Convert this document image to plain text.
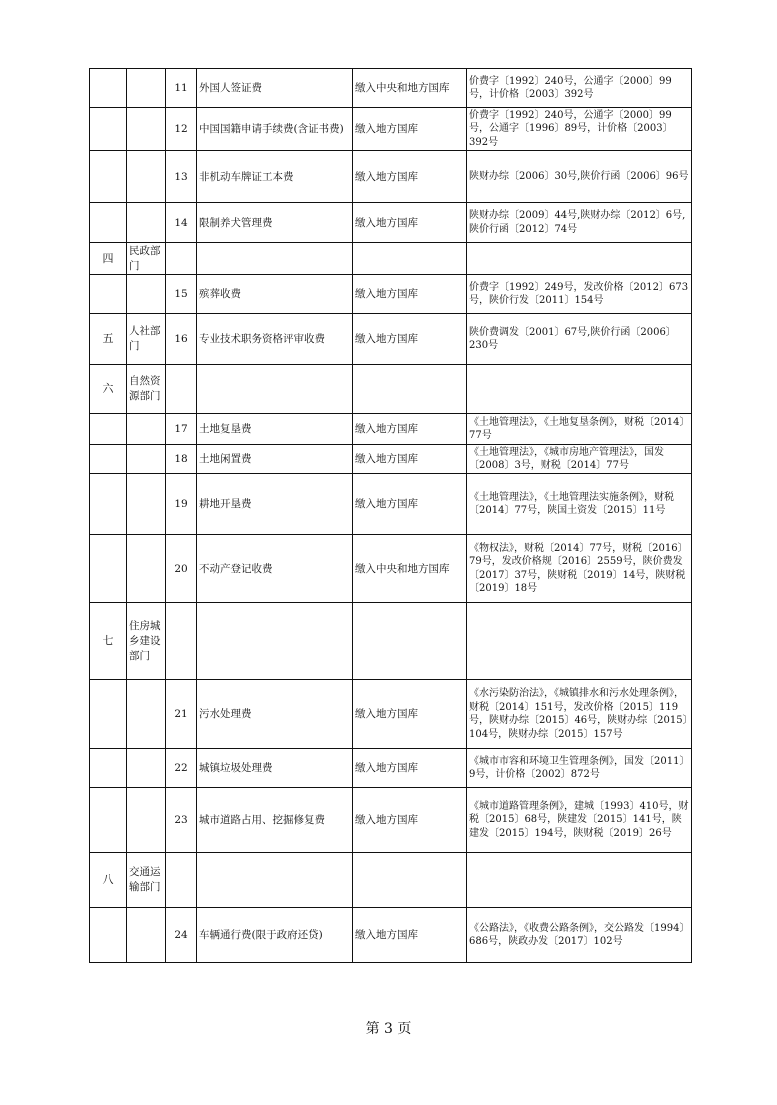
		11	外国人签证费	缴入中央和地方国库	价费字〔1992〕240号，公通字〔2000〕99号，计价格〔2003〕392号
		12	中国国籍申请手续费(含证书费)	缴入地方国库	价费字〔1992〕240号，公通字〔2000〕99号，公通字〔1996〕89号，计价格〔2003〕392号
		13	非机动车牌证工本费	缴入地方国库	陕财办综〔2006〕30号,陕价行函〔2006〕96号
		14	限制养犬管理费	缴入地方国库	陕财办综〔2009〕44号,陕财办综〔2012〕6号,陕价行函〔2012〕74号
四	民政部门				
		15	殡葬收费	缴入地方国库	价费字〔1992〕249号，发改价格〔2012〕673号，陕价行发〔2011〕154号
五	人社部门	16	专业技术职务资格评审收费	缴入地方国库	陕价费调发〔2001〕67号,陕价行函〔2006〕230号
六	自然资源部门				
		17	土地复垦费	缴入地方国库	《土地管理法》，《土地复垦条例》，财税〔2014〕77号
		18	土地闲置费	缴入地方国库	《土地管理法》，《城市房地产管理法》，国发〔2008〕3号，财税〔2014〕77号
		19	耕地开垦费	缴入地方国库	《土地管理法》，《土地管理法实施条例》，财税〔2014〕77号，陕国土资发〔2015〕11号
		20	不动产登记收费	缴入中央和地方国库	《物权法》，财税〔2014〕77号，财税〔2016〕79号，发改价格规〔2016〕2559号，陕价费发〔2017〕37号，陕财税〔2019〕14号，陕财税〔2019〕18号
七	住房城乡建设部门				
		21	污水处理费	缴入地方国库	《水污染防治法》，《城镇排水和污水处理条例》，财税〔2014〕151号，发改价格〔2015〕119号，陕财办综〔2015〕46号，陕财办综〔2015〕104号，陕财办综〔2015〕157号
		22	城镇垃圾处理费	缴入地方国库	《城市市容和环境卫生管理条例》，国发〔2011〕9号，计价格〔2002〕872号
		23	城市道路占用、挖掘修复费	缴入地方国库	《城市道路管理条例》，建城〔1993〕410号，财税〔2015〕68号，陕建发〔2015〕141号，陕建发〔2015〕194号，陕财税〔2019〕26号
八	交通运输部门				
		24	车辆通行费(限于政府还贷)	缴入地方国库	《公路法》，《收费公路条例》，交公路发〔1994〕686号，陕政办发〔2017〕102号
第 3 页
